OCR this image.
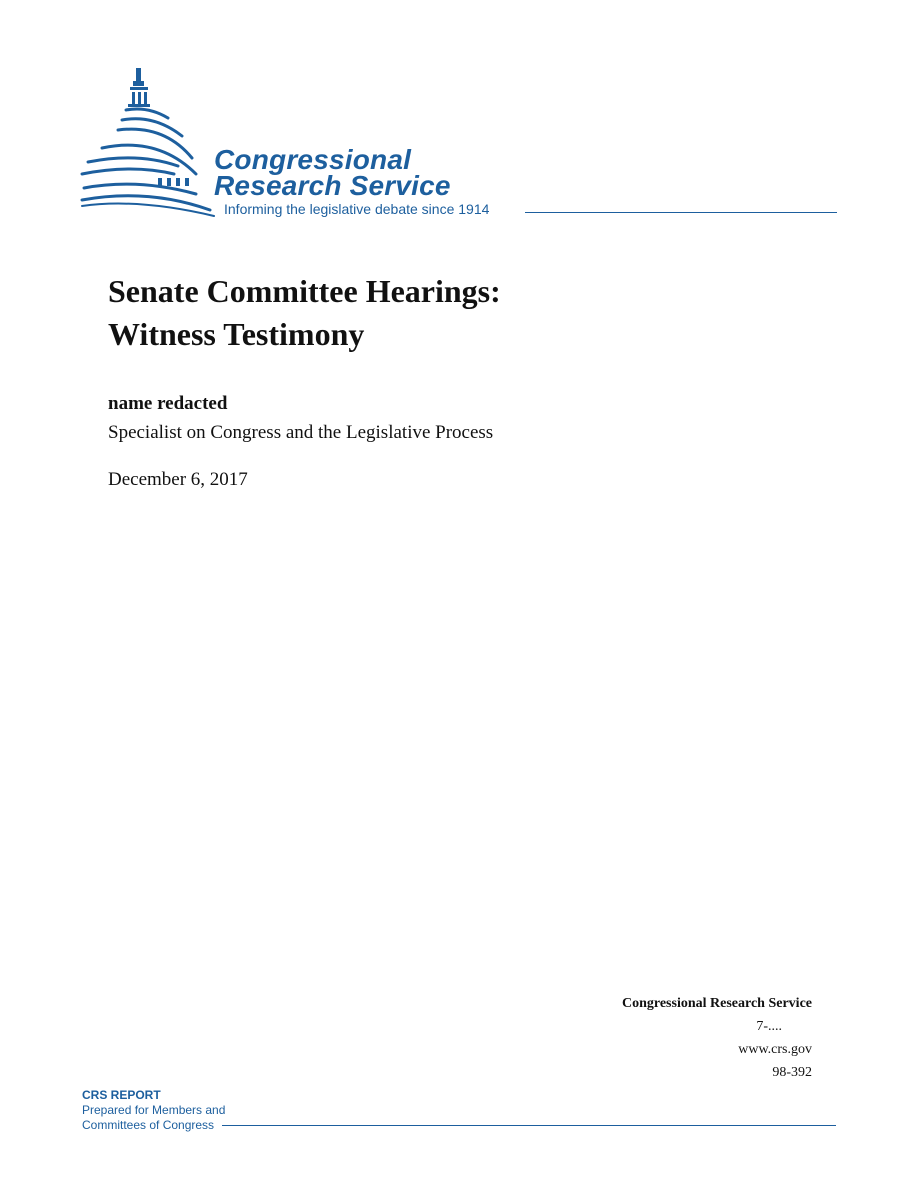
Congressional
Research Service
Informing the legislative debate since 1914
Senate Committee Hearings:
Witness Testimony
name redacted
Specialist on Congress and the Legislative Process
December 6, 2017
Congressional Research Service
7-....
www.crs.gov
98-392
CRS REPORT
Prepared for Members and
Committees of Congress
